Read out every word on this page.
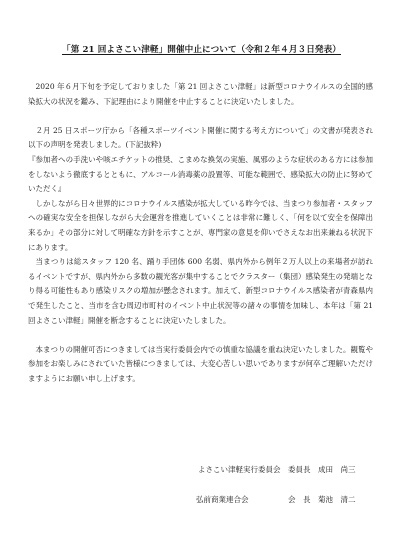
「第 21 回よさこい津軽」開催中止について（令和２年４月３日発表）

2020 年６月下旬を予定しておりました「第 21 回よさこい津軽」は新型コロナウイルスの全国的感染拡大の状況を鑑み、下記理由により開催を中止することに決定いたしました。

２月 25 日スポーツ庁から「各種スポーツイベント開催に関する考え方について」の文書が発表され以下の声明を発表しました。(下記抜粋)

『参加者への手洗いや咳エチケットの推奨、こまめな換気の実施、風邪のような症状のある方には参加をしないよう徹底するとともに、アルコール消毒薬の設置等、可能な範囲で、感染拡大の防止に努めていただく』

しかしながら日々世界的にコロナウイルス感染が拡大している昨今では、当まつり参加者・スタッフへの確実な安全を担保しながら大会運営を推進していくことは非常に難しく、「何を以て安全を保障出来るか」その部分に対して明確な方針を示すことが、専門家の意見を仰いでさえなお出来兼ねる状況下にあります。

当まつりは総スタッフ 120 名、踊り手団体 600 名弱、県内外から例年２万人以上の来場者が訪れるイベントですが、県内外から多数の観光客が集中することでクラスター（集団）感染発生の発端となり得る可能性もあり感染リスクの増加が懸念されます。加えて、新型コロナウイルス感染者が青森県内で発生したこと、当市を含む周辺市町村のイベント中止状況等の諸々の事情を加味し、本年は「第 21 回よさこい津軽」開催を断念することに決定いたしました。

本まつりの開催可否につきましては当実行委員会内での慎重な協議を重ね決定いたしました。観覧や参加をお楽しみにされていた皆様につきましては、大変心苦しい思いでありますが何卒ご理解いただけますようにお願い申し上げます。

よさこい津軽実行委員会　委員長　成田　尚三
弘前商業連合会	会　長　菊池　清二
